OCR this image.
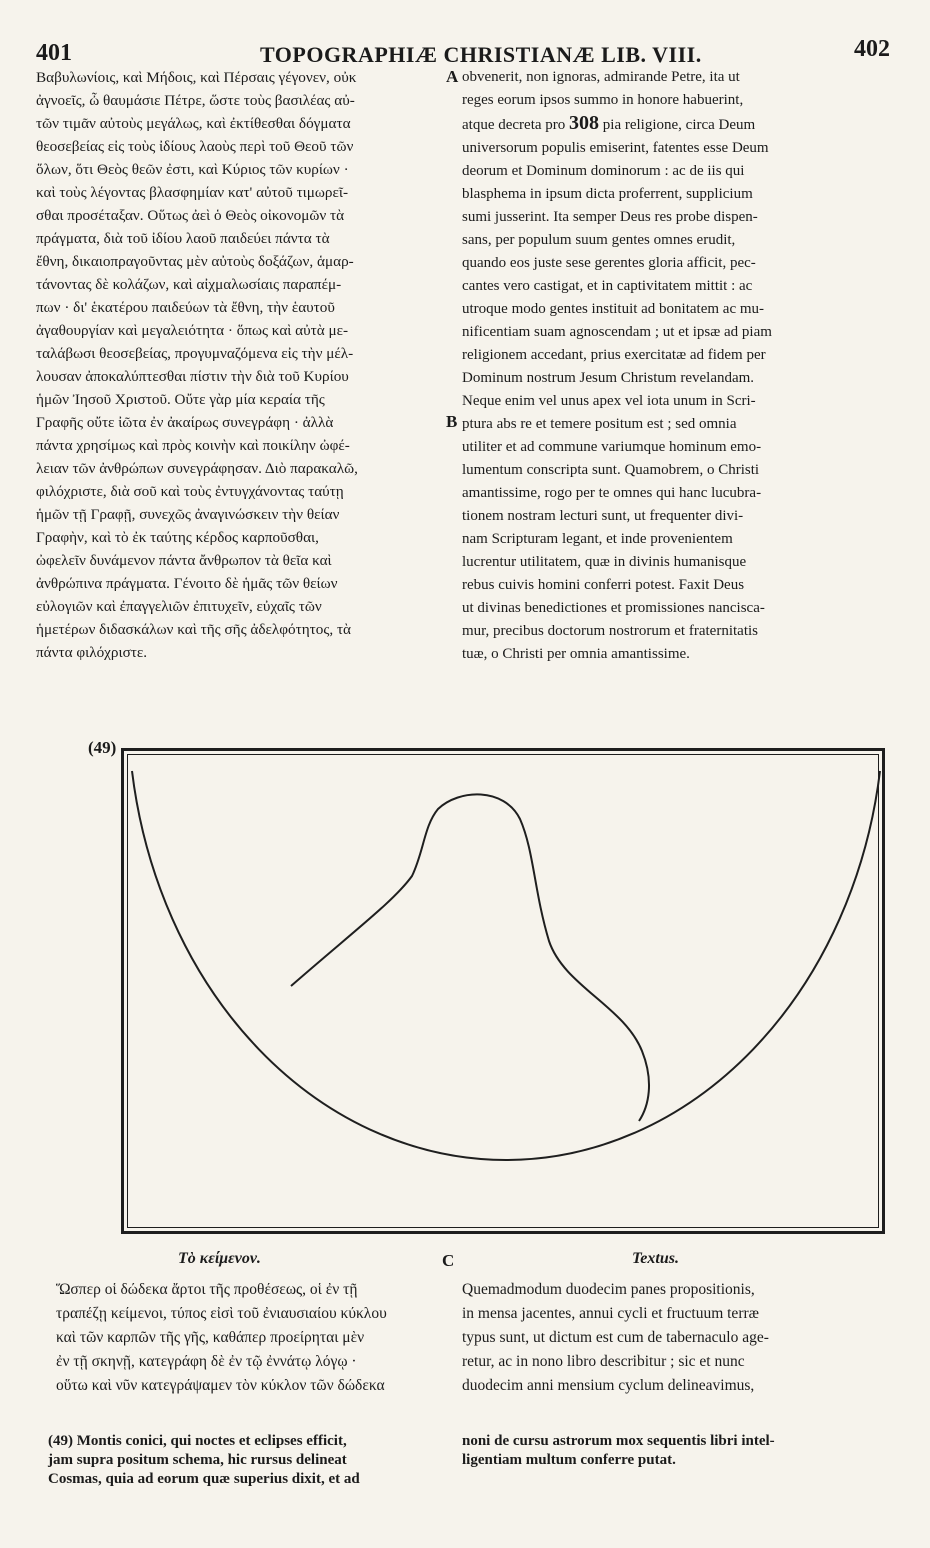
401	TOPOGRAPHIÆ CHRISTIANÆ LIB. VIII.	402
Βαβυλωνίοις, καὶ Μήδοις, καὶ Πέρσαις γέγονεν, οὐκ
ἀγνοεῖς, ὦ θαυμάσιε Πέτρε, ὥστε τοὺς βασιλέας αὐ-
τῶν τιμᾶν αὐτοὺς μεγάλως, καὶ ἐκτίθεσθαι δόγματα
θεοσεβείας εἰς τοὺς ἰδίους λαοὺς περὶ τοῦ Θεοῦ τῶν
ὅλων, ὅτι Θεὸς θεῶν ἐστι, καὶ Κύριος τῶν κυρίων ·
καὶ τοὺς λέγοντας βλασφημίαν κατ' αὐτοῦ τιμωρεῖ-
σθαι προσέταξαν. Οὕτως ἀεὶ ὁ Θεὸς οἰκονομῶν τὰ
πράγματα, διὰ τοῦ ἰδίου λαοῦ παιδεύει πάντα τὰ
ἔθνη, δικαιοπραγοῦντας μὲν αὐτοὺς δοξάζων, ἁμαρ-
τάνοντας δὲ κολάζων, καὶ αἰχμαλωσίαις παραπέμ-
πων · δι' ἑκατέρου παιδεύων τὰ ἔθνη, τὴν ἑαυτοῦ
ἀγαθουργίαν καὶ μεγαλειότητα · ὅπως καὶ αὐτὰ με-
ταλάβωσι θεοσεβείας, προγυμναζόμενα εἰς τὴν μέλ-
λουσαν ἀποκαλύπτεσθαι πίστιν τὴν διὰ τοῦ Κυρίου
ἡμῶν Ἰησοῦ Χριστοῦ. Οὔτε γὰρ μία κεραία τῆς
Γραφῆς οὔτε ἰῶτα ἐν ἀκαίρως συνεγράφη · ἀλλὰ
πάντα χρησίμως καὶ πρὸς κοινὴν καὶ ποικίλην ὠφέ-
λειαν τῶν ἀνθρώπων συνεγράφησαν. Διὸ παρακαλῶ,
φιλόχριστε, διὰ σοῦ καὶ τοὺς ἐντυγχάνοντας ταύτῃ
ἡμῶν τῇ Γραφῇ, συνεχῶς ἀναγινώσκειν τὴν θείαν
Γραφὴν, καὶ τὸ ἐκ ταύτης κέρδος καρποῦσθαι,
ὠφελεῖν δυνάμενον πάντα ἄνθρωπον τὰ θεῖα καὶ
ἀνθρώπινα πράγματα. Γένοιτο δὲ ἡμᾶς τῶν θείων
εὐλογιῶν καὶ ἐπαγγελιῶν ἐπιτυχεῖν, εὐχαῖς τῶν
ἡμετέρων διδασκάλων καὶ τῆς σῆς ἀδελφότητος, τὰ
πάντα φιλόχριστε.
A
B
obvenerit, non ignoras, admirande Petre, ita ut
reges eorum ipsos summo in honore habuerint,
atque decreta pro 308 pia religione, circa Deum
universorum populis emiserint, fatentes esse Deum
deorum et Dominum dominorum : ac de iis qui
blasphema in ipsum dicta proferrent, supplicium
sumi jusserint. Ita semper Deus res probe dispen-
sans, per populum suum gentes omnes erudit,
quando eos juste sese gerentes gloria afficit, pec-
cantes vero castigat, et in captivitatem mittit : ac
utroque modo gentes instituit ad bonitatem ac mu-
nificentiam suam agnoscendam ; ut et ipsæ ad piam
religionem accedant, prius exercitatæ ad fidem per
Dominum nostrum Jesum Christum revelandam.
Neque enim vel unus apex vel iota unum in Scri-
ptura abs re et temere positum est ; sed omnia
utiliter et ad commune variumque hominum emo-
lumentum conscripta sunt. Quamobrem, o Christi
amantissime, rogo per te omnes qui hanc lucubra-
tionem nostram lecturi sunt, ut frequenter divi-
nam Scripturam legant, et inde provenientem
lucrentur utilitatem, quæ in divinis humanisque
rebus cuivis homini conferri potest. Faxit Deus
ut divinas benedictiones et promissiones nancisca-
mur, precibus doctorum nostrorum et fraternitatis
tuæ, o Christi per omnia amantissime.
(49)
Τὸ κείμενον.	C	Textus.
Ὥσπερ οἱ δώδεκα ἄρτοι τῆς προθέσεως, οἱ ἐν τῇ
τραπέζῃ κείμενοι, τύπος εἰσὶ τοῦ ἐνιαυσιαίου κύκλου
καὶ τῶν καρπῶν τῆς γῆς, καθάπερ προείρηται μὲν
ἐν τῇ σκηνῇ, κατεγράφη δὲ ἐν τῷ ἐννάτῳ λόγῳ ·
οὕτω καὶ νῦν κατεγράψαμεν τὸν κύκλον τῶν δώδεκα
Quemadmodum duodecim panes propositionis,
in mensa jacentes, annui cycli et fructuum terræ
typus sunt, ut dictum est cum de tabernaculo age-
retur, ac in nono libro describitur ; sic et nunc
duodecim anni mensium cyclum delineavimus,
(49) Montis conici, qui noctes et eclipses efficit,
jam supra positum schema, hic rursus delineat
Cosmas, quia ad eorum quæ superius dixit, et ad
noni de cursu astrorum mox sequentis libri intel-
ligentiam multum conferre putat.
